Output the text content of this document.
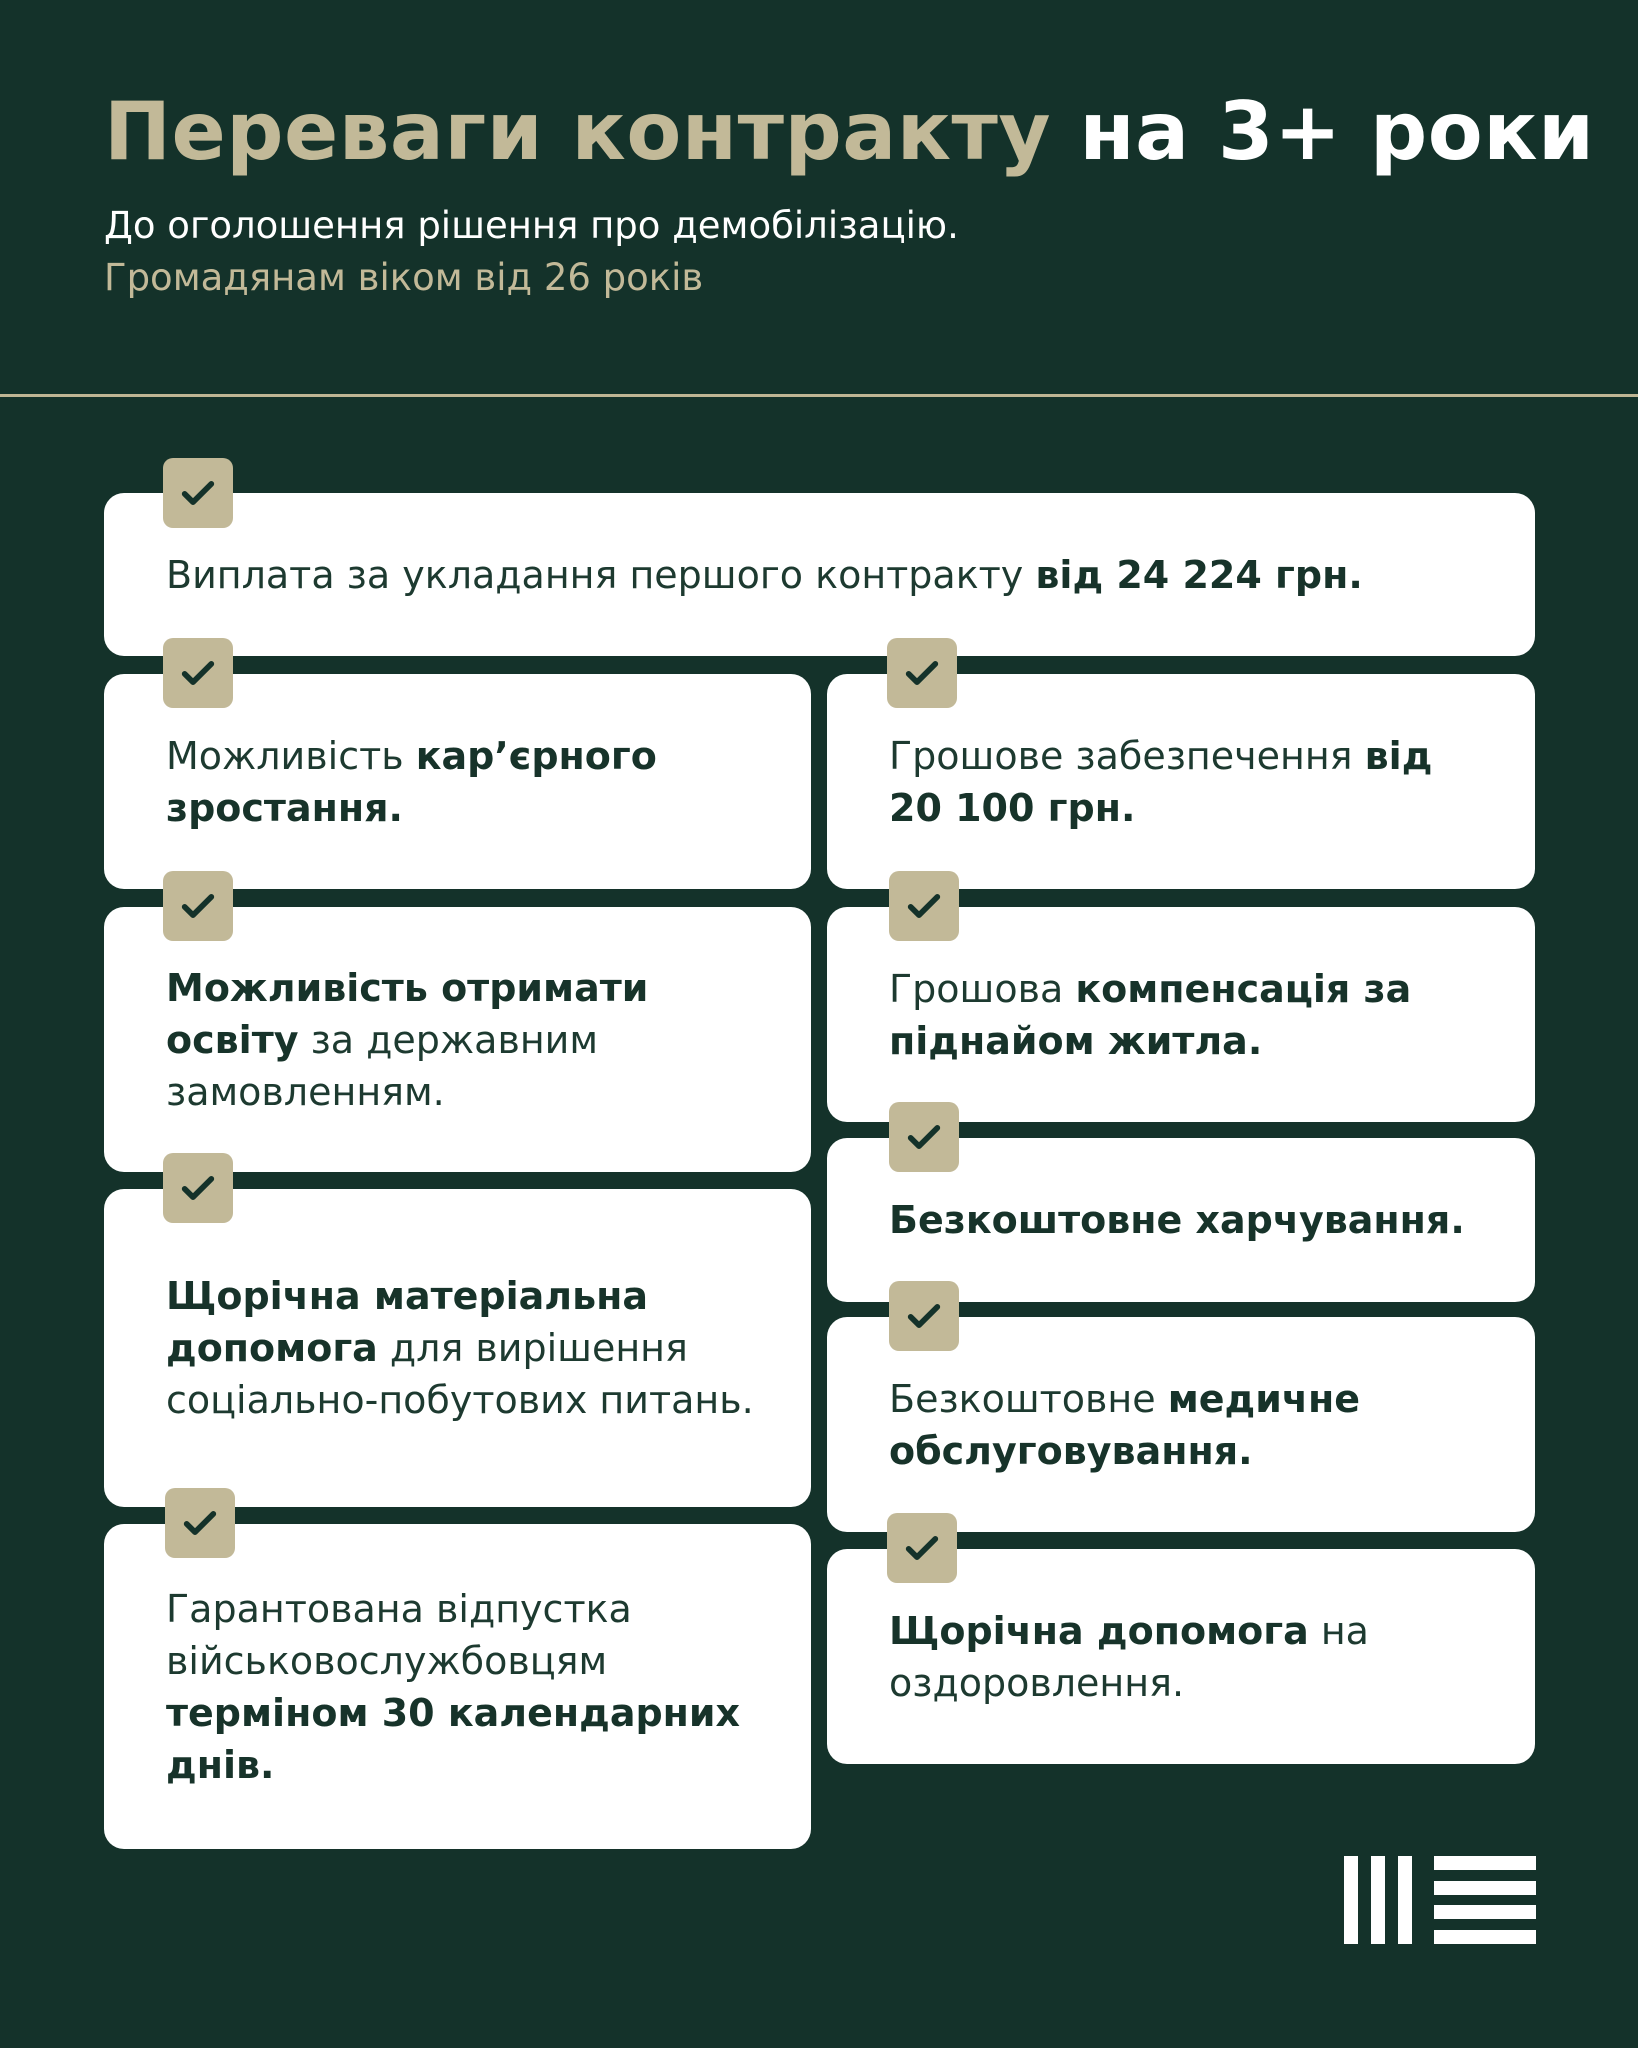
Переваги контракту на 3+ роки
До оголошення рішення про демобілізацію.
Громадянам віком від 26 років
Виплата за укладання першого контракту від 24 224 грн.
Можливість кар’єрного зростання.
Можливість отримати освіту за державним замовленням.
Щорічна матеріальна допомога для вирішення соціально-побутових питань.
Гарантована відпустка військовослужбовцям терміном 30 календарних днів.
Грошове забезпечення від 20 100 грн.
Грошова компенсація за піднайом житла.
Безкоштовне харчування.
Безкоштовне медичне обслуговування.
Щорічна допомога на оздоровлення.
